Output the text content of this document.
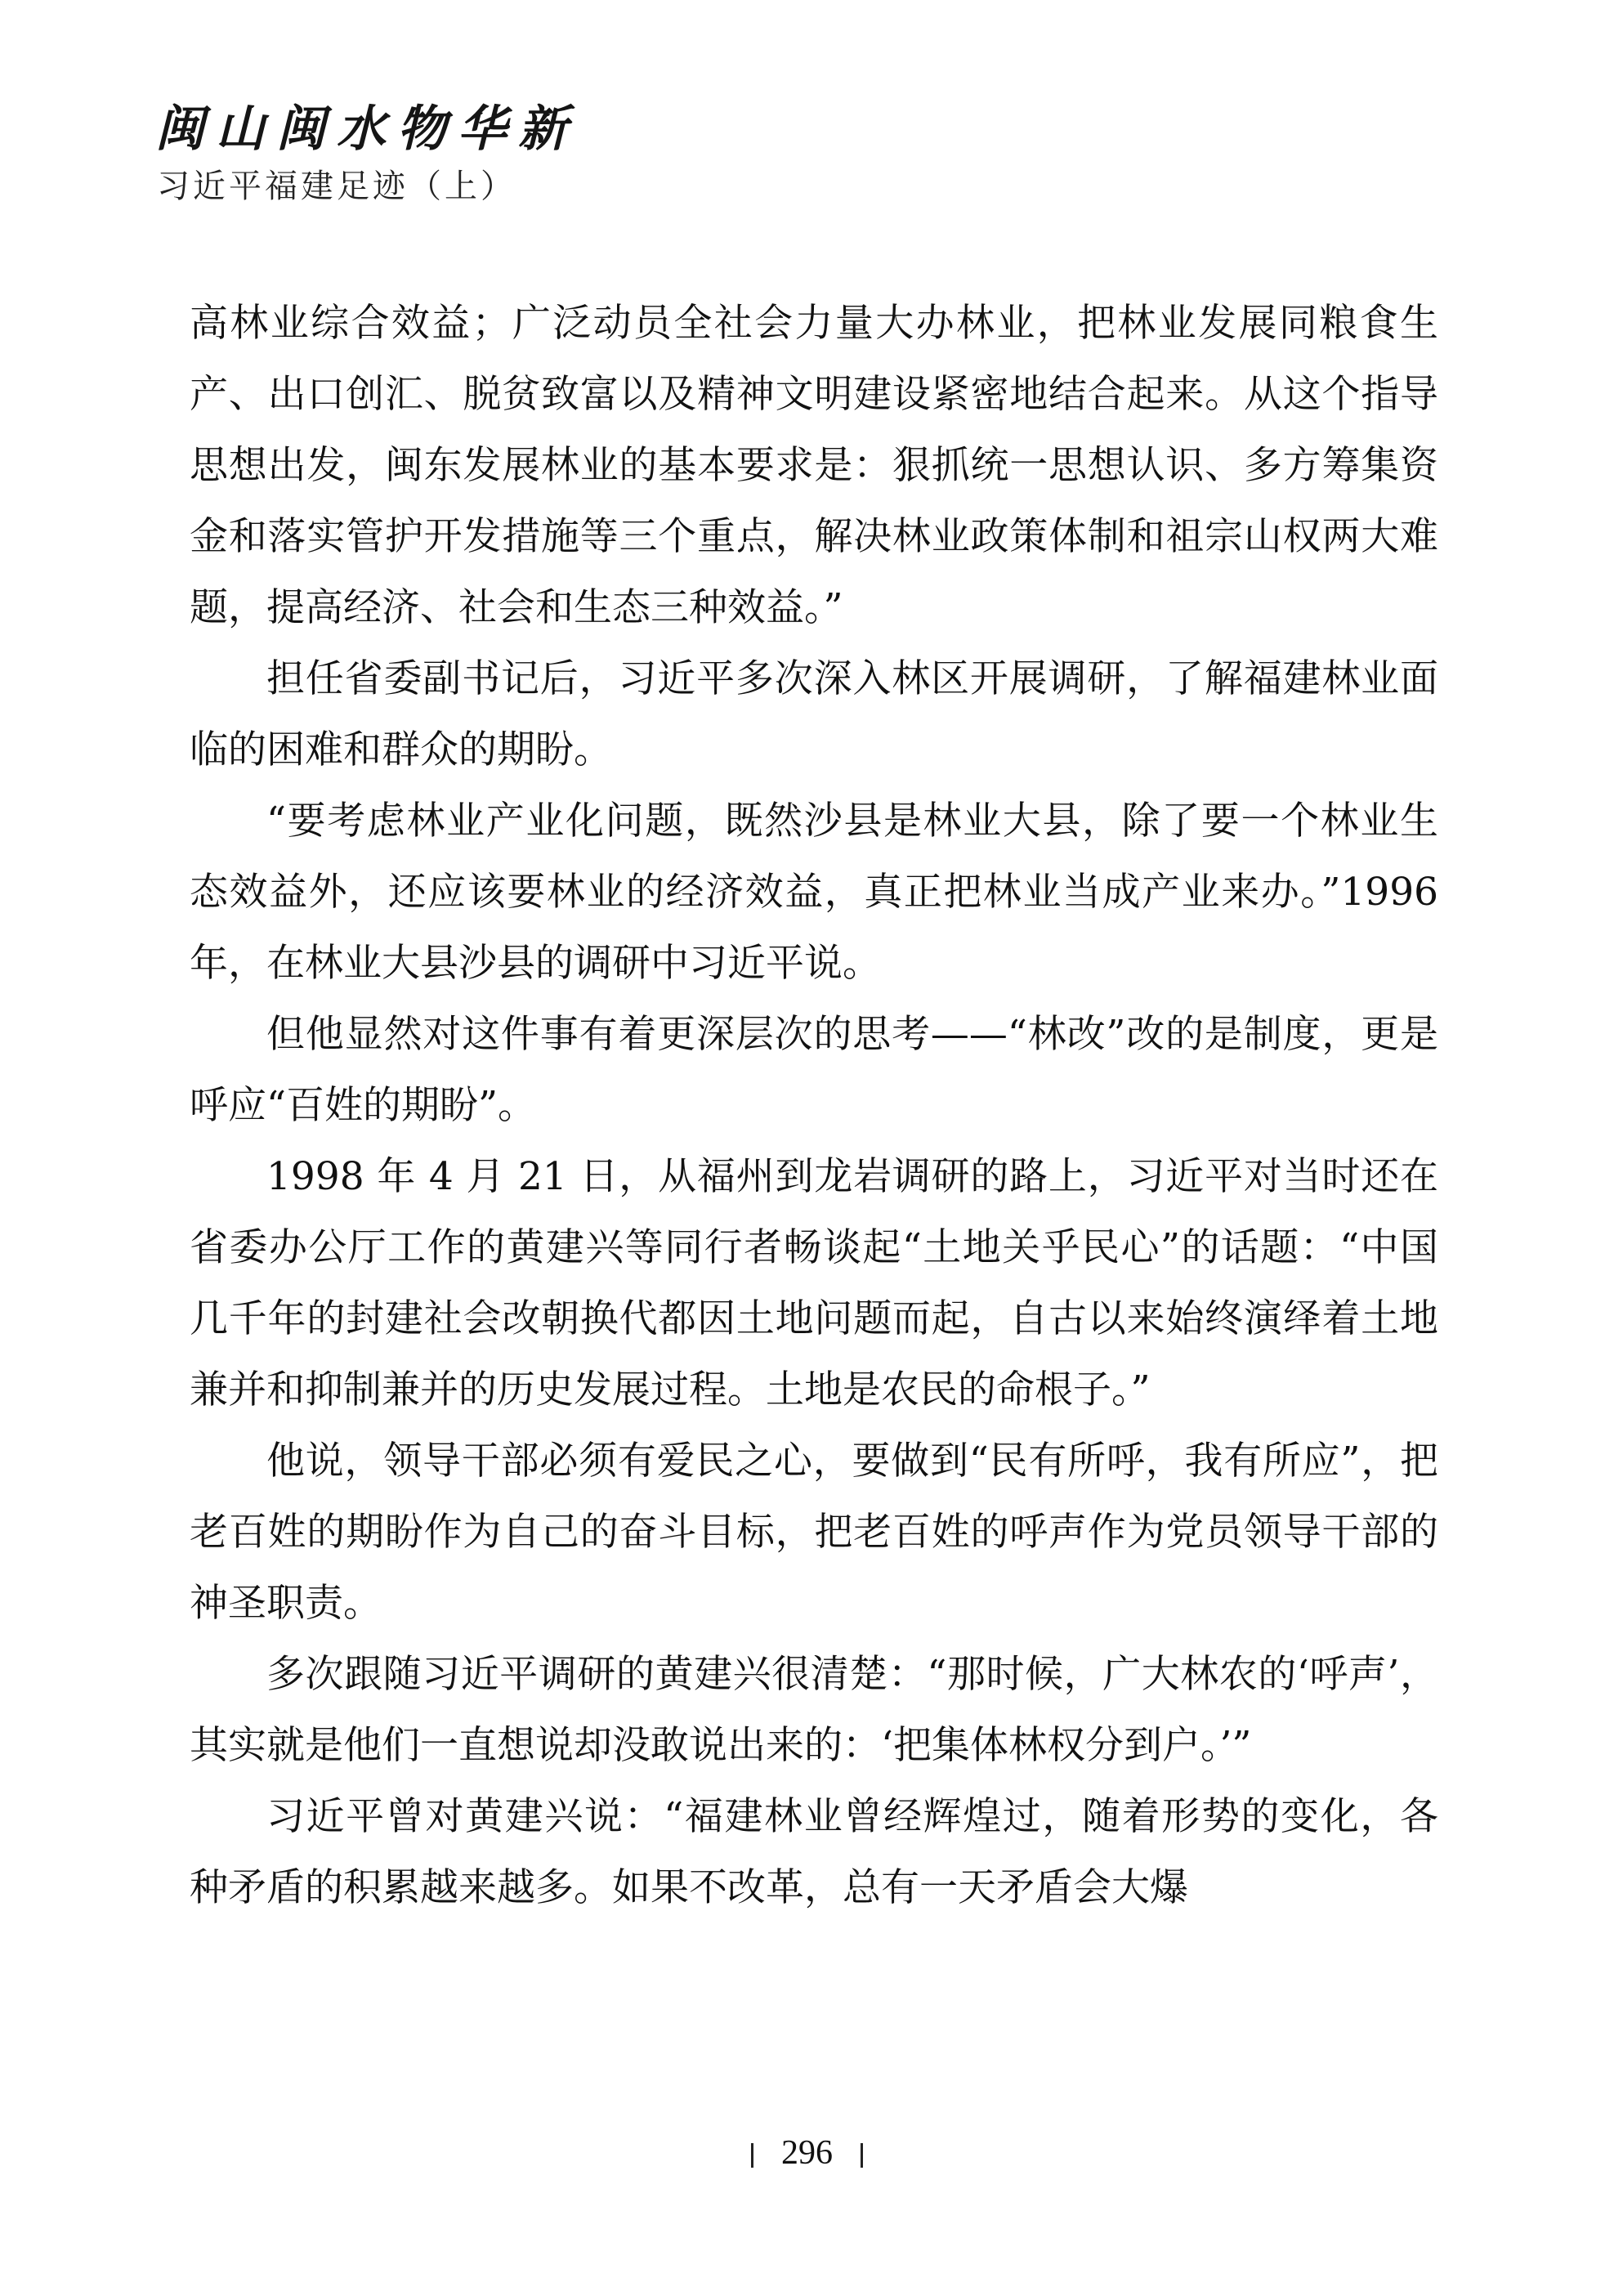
闽山闽水物华新
习近平福建足迹（上）

高林业综合效益；广泛动员全社会力量大办林业，把林业发展同粮食生产、出口创汇、脱贫致富以及精神文明建设紧密地结合起来。从这个指导思想出发，闽东发展林业的基本要求是：狠抓统一思想认识、多方筹集资金和落实管护开发措施等三个重点，解决林业政策体制和祖宗山权两大难题，提高经济、社会和生态三种效益。”

担任省委副书记后，习近平多次深入林区开展调研，了解福建林业面临的困难和群众的期盼。

“要考虑林业产业化问题，既然沙县是林业大县，除了要一个林业生态效益外，还应该要林业的经济效益，真正把林业当成产业来办。”1996 年，在林业大县沙县的调研中习近平说。

但他显然对这件事有着更深层次的思考——“林改”改的是制度，更是呼应“百姓的期盼”。

1998 年 4 月 21 日，从福州到龙岩调研的路上，习近平对当时还在省委办公厅工作的黄建兴等同行者畅谈起“土地关乎民心”的话题：“中国几千年的封建社会改朝换代都因土地问题而起，自古以来始终演绎着土地兼并和抑制兼并的历史发展过程。土地是农民的命根子。”

他说，领导干部必须有爱民之心，要做到“民有所呼，我有所应”，把老百姓的期盼作为自己的奋斗目标，把老百姓的呼声作为党员领导干部的神圣职责。

多次跟随习近平调研的黄建兴很清楚：“那时候，广大林农的‘呼声’，其实就是他们一直想说却没敢说出来的：‘把集体林权分到户。’”

习近平曾对黄建兴说：“福建林业曾经辉煌过，随着形势的变化，各种矛盾的积累越来越多。如果不改革，总有一天矛盾会大爆

296
